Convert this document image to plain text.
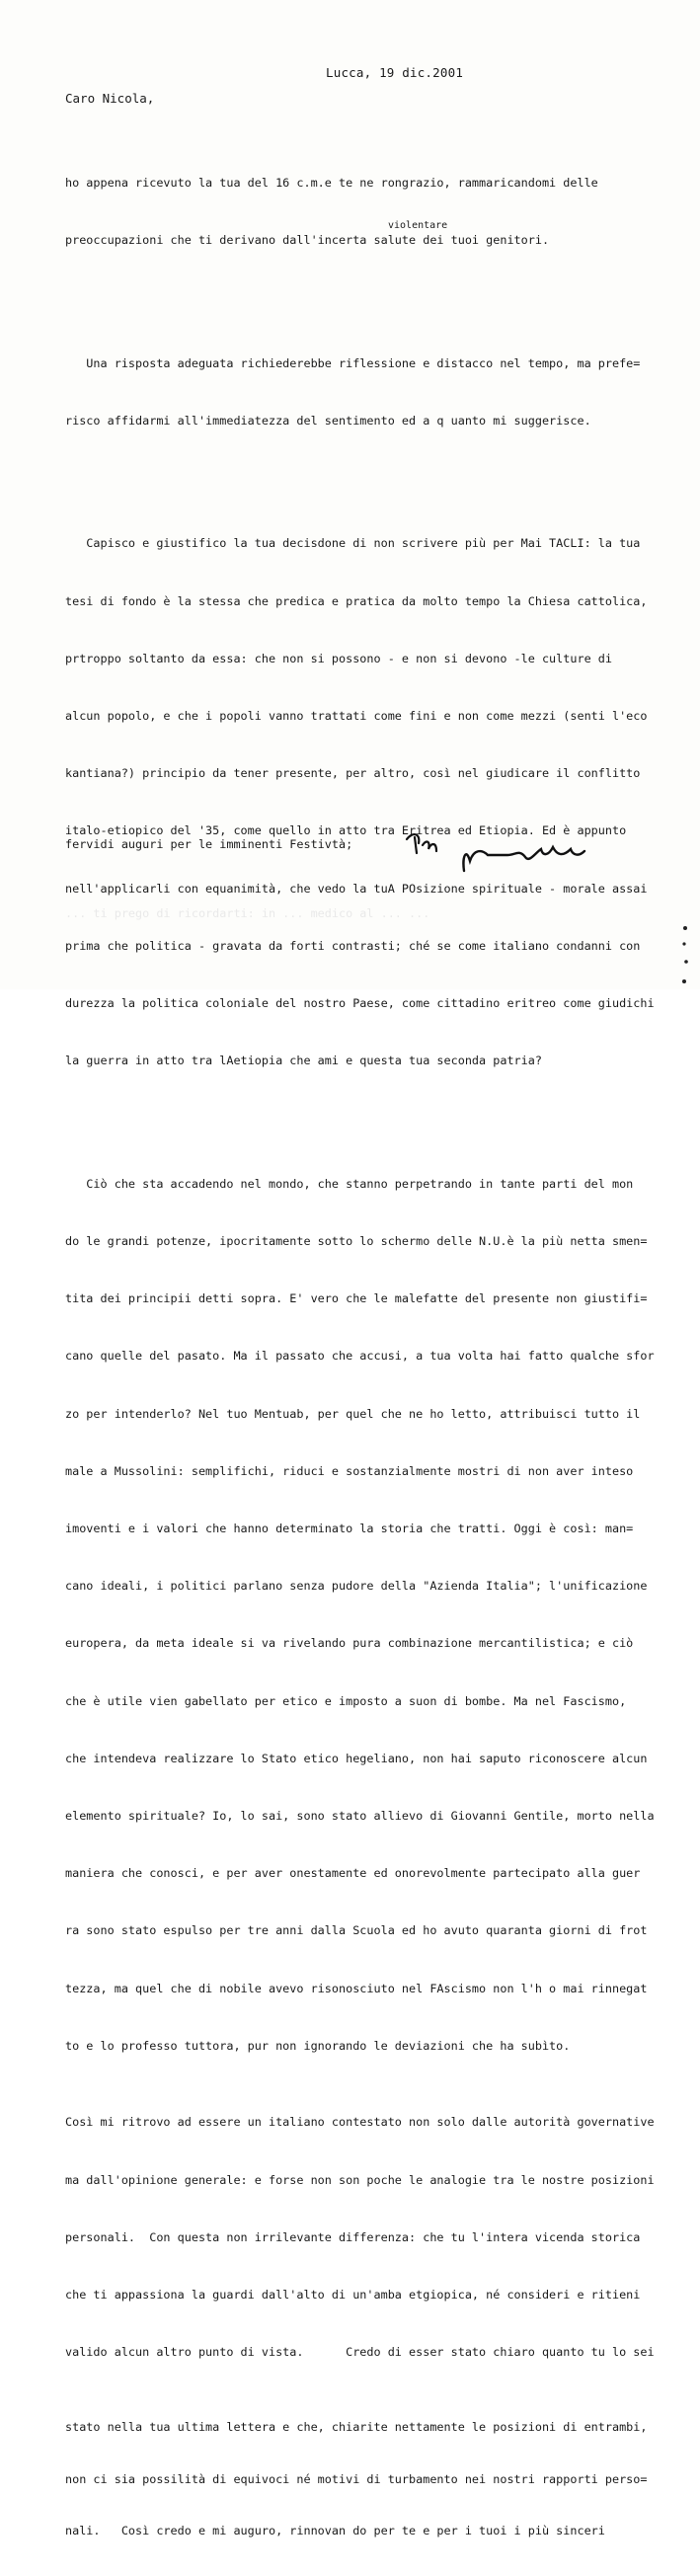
Lucca, 19 dic.2001
Caro Nicola,
violentare

ho appena ricevuto la tua del 16 c.m.e te ne rongrazio, rammaricandomi delle

preoccupazioni che ti derivano dall'incerta salute dei tuoi genitori.

Una risposta adeguata richiederebbe riflessione e distacco nel tempo, ma prefe=

risco affidarmi all'immediatezza del sentimento ed a q uanto mi suggerisce.

Capisco e giustifico la tua decisdone di non scrivere più per Mai TACLI: la tua

tesi di fondo è la stessa che predica e pratica da molto tempo la Chiesa cattolica,

prtroppo soltanto da essa: che non si possono - e non si devono -le culture di

alcun popolo, e che i popoli vanno trattati come fini e non come mezzi (senti l'eco

kantiana?) principio da tener presente, per altro, così nel giudicare il conflitto

italo-etiopico del '35, come quello in atto tra Eritrea ed Etiopia. Ed è appunto

nell'applicarli con equanimità, che vedo la tuA POsizione spirituale - morale assai

prima che politica - gravata da forti contrasti; ché se come italiano condanni con

durezza la politica coloniale del nostro Paese, come cittadino eritreo come giudichi

la guerra in atto tra lAetiopia che ami e questa tua seconda patria?

Ciò che sta accadendo nel mondo, che stanno perpetrando in tante parti del mon

do le grandi potenze, ipocritamente sotto lo schermo delle N.U.è la più netta smen=

tita dei principii detti sopra. E' vero che le malefatte del presente non giustifi=

cano quelle del pasato. Ma il passato che accusi, a tua volta hai fatto qualche sfor

zo per intenderlo? Nel tuo Mentuab, per quel che ne ho letto, attribuisci tutto il

male a Mussolini: semplifichi, riduci e sostanzialmente mostri di non aver inteso

imoventi e i valori che hanno determinato la storia che tratti. Oggi è così: man=

cano ideali, i politici parlano senza pudore della "Azienda Italia"; l'unificazione

europera, da meta ideale si va rivelando pura combinazione mercantilistica; e ciò

che è utile vien gabellato per etico e imposto a suon di bombe. Ma nel Fascismo,

che intendeva realizzare lo Stato etico hegeliano, non hai saputo riconoscere alcun

elemento spirituale? Io, lo sai, sono stato allievo di Giovanni Gentile, morto nella

maniera che conosci, e per aver onestamente ed onorevolmente partecipato alla guer

ra sono stato espulso per tre anni dalla Scuola ed ho avuto quaranta giorni di frot

tezza, ma quel che di nobile avevo risonosciuto nel FAscismo non l'h o mai rinnegat

to e lo professo tuttora, pur non ignorando le deviazioni che ha subìto.

Così mi ritrovo ad essere un italiano contestato non solo dalle autorità governative

ma dall'opinione generale: e forse non son poche le analogie tra le nostre posizioni

personali.  Con questa non irrilevante differenza: che tu l'intera vicenda storica

che ti appassiona la guardi dall'alto di un'amba etgiopica, né consideri e ritieni

valido alcun altro punto di vista.      Credo di esser stato chiaro quanto tu lo sei

stato nella tua ultima lettera e che, chiarite nettamente le posizioni di entrambi,

non ci sia possilità di equivoci né motivi di turbamento nei nostri rapporti perso=

nali.   Così credo e mi auguro, rinnovan do per te e per i tuoi i più sinceri

fervidi auguri per le imminenti Festivtà;
... ti prego di ricordarti: in ... medico al ... ...
